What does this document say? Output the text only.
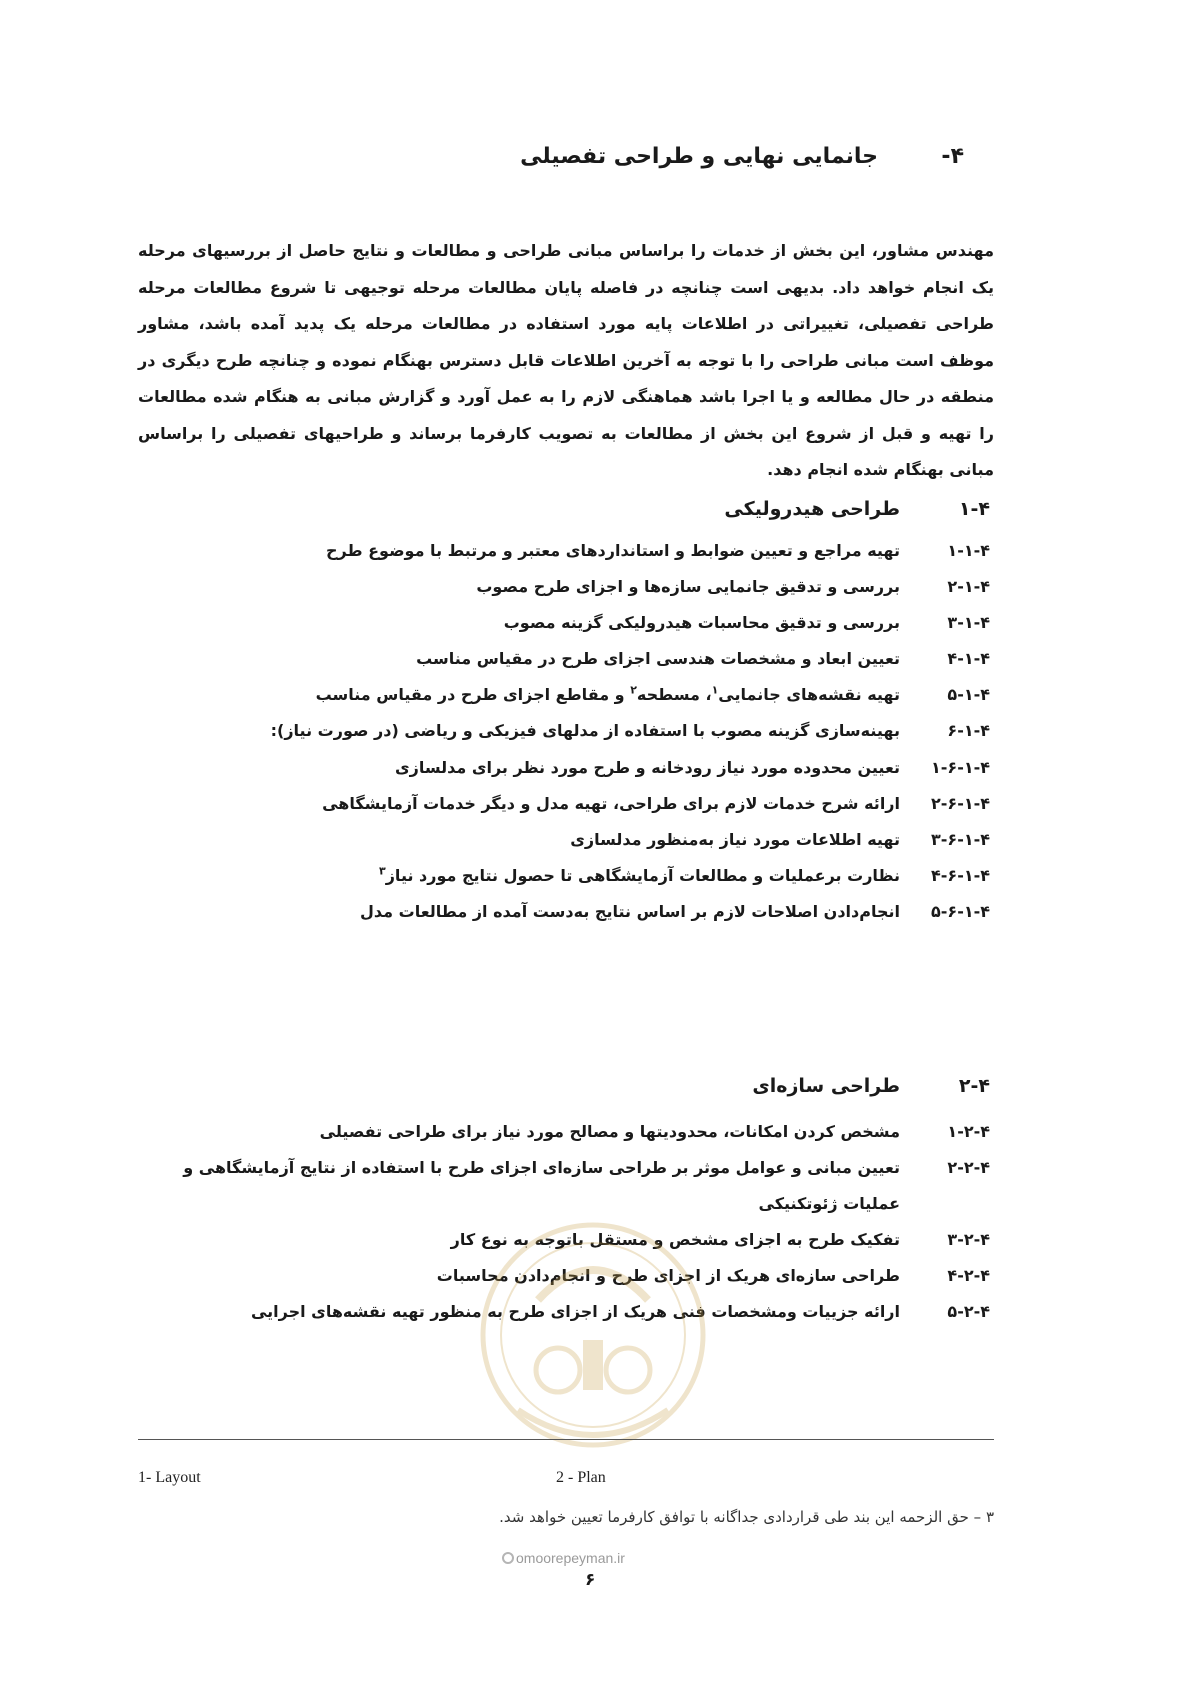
۴-
جانمایی نهایی و طراحی تفصیلی
مهندس مشاور، این بخش از خدمات را براساس مبانی طراحی و مطالعات و نتایج حاصل از بررسیهای مرحله یک انجام خواهد داد. بدیهی است چنانچه در فاصله پایان مطالعات مرحله توجیهی تا شروع مطالعات مرحله طراحی تفصیلی، تغییراتی در اطلاعات پایه مورد استفاده در مطالعات مرحله یک پدید آمده باشد، مشاور موظف است مبانی طراحی را با توجه به آخرین اطلاعات قابل دسترس بهنگام نموده و چنانچه طرح دیگری در منطقه در حال مطالعه و یا اجرا باشد هماهنگی لازم را به عمل آورد و گزارش مبانی به هنگام شده مطالعات را تهیه و قبل از شروع این بخش از مطالعات به تصویب کارفرما برساند و طراحیهای تفصیلی را براساس مبانی بهنگام شده انجام دهد.
۱-۴
طراحی هیدرولیکی
۱-۱-۴
تهیه مراجع و تعیین ضوابط و استانداردهای معتبر و مرتبط با موضوع طرح
۲-۱-۴
بررسی و تدقیق جانمایی سازه‌ها و اجزای طرح مصوب
۳-۱-۴
بررسی و تدقیق محاسبات هیدرولیکی گزینه مصوب
۴-۱-۴
تعیین ابعاد و مشخصات هندسی اجزای طرح در مقیاس مناسب
۵-۱-۴
تهیه نقشه‌های جانمایی$^۱$، مسطحه$^۲$ و مقاطع اجزای طرح در مقیاس مناسب
۶-۱-۴
بهینه‌سازی گزینه مصوب با استفاده از مدلهای فیزیکی و ریاضی (در صورت نیاز):
۱-۶-۱-۴
تعیین محدوده مورد نیاز رودخانه و طرح مورد نظر برای مدلسازی
۲-۶-۱-۴
ارائه شرح خدمات لازم برای طراحی، تهیه مدل و دیگر خدمات آزمایشگاهی
۳-۶-۱-۴
تهیه اطلاعات مورد نیاز به‌منظور مدلسازی
۴-۶-۱-۴
نظارت برعملیات و مطالعات آزمایشگاهی تا حصول نتایج مورد نیاز$^۳$
۵-۶-۱-۴
انجام‌دادن اصلاحات لازم بر اساس نتایج به‌دست آمده از مطالعات مدل
۲-۴
طراحی سازه‌ای
۱-۲-۴
مشخص کردن امکانات، محدودیتها و مصالح مورد نیاز برای طراحی تفصیلی
۲-۲-۴
تعیین مبانی و عوامل موثر بر طراحی سازه‌ای اجزای طرح با استفاده از نتایج آزمایشگاهی و عملیات ژئوتکنیکی
۳-۲-۴
تفکیک طرح به اجزای مشخص و مستقل باتوجه به نوع کار
۴-۲-۴
طراحی سازه‌ای هریک از اجزای طرح و انجام‌دادن محاسبات
۵-۲-۴
ارائه جزییات ومشخصات فنی هریک از اجزای طرح به منظور تهیه نقشه‌های اجرایی
1- Layout	2 - Plan
۳ – حق الزحمه این بند طی قراردادی جداگانه با توافق کارفرما تعیین خواهد شد.
omoorepeyman.ir
۶
